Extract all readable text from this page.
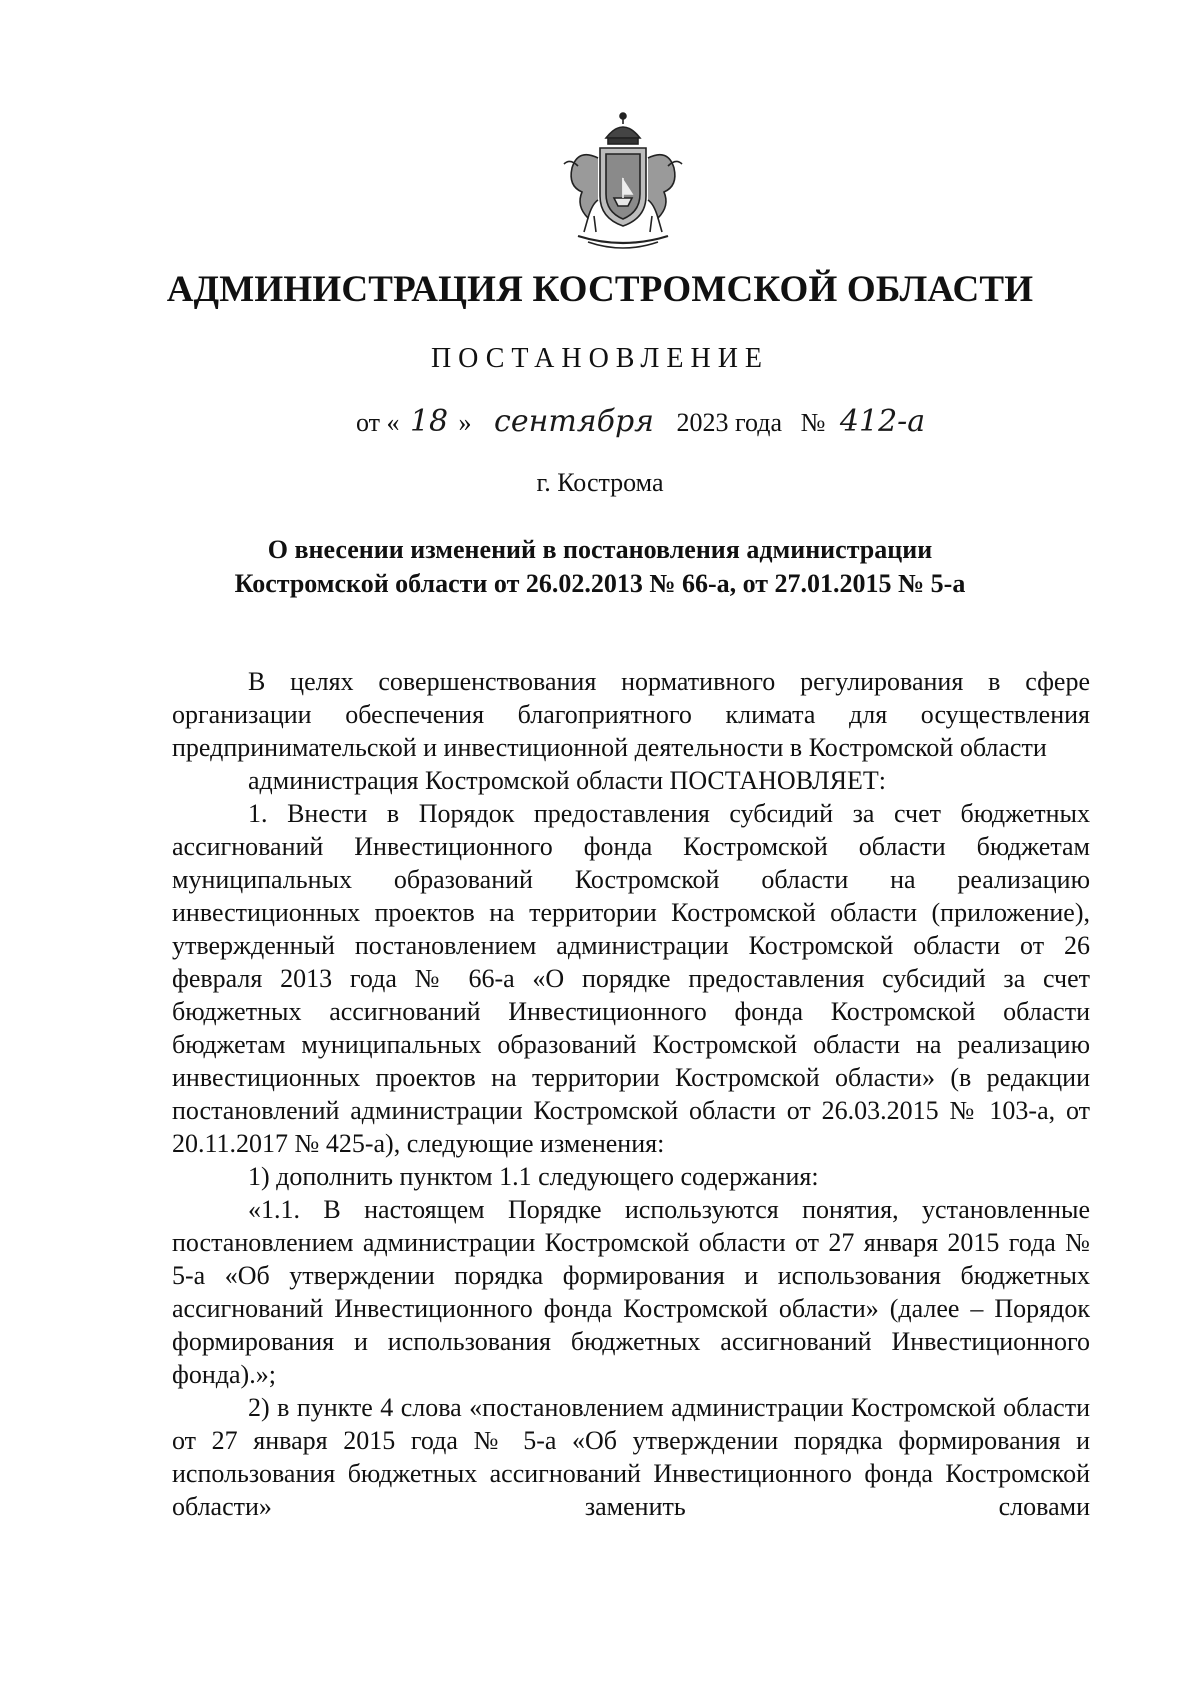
АДМИНИСТРАЦИЯ КОСТРОМСКОЙ ОБЛАСТИ
ПОСТАНОВЛЕНИЕ
от « 18 » сентября 2023 года № 412-а
г. Кострома
О внесении изменений в постановления администрации
Костромской области от 26.02.2013 № 66-а, от 27.01.2015 № 5-а

В целях совершенствования нормативного регулирования в сфере организации обеспечения благоприятного климата для осуществления предпринимательской и инвестиционной деятельности в Костромской области

администрация Костромской области ПОСТАНОВЛЯЕТ:

1. Внести в Порядок предоставления субсидий за счет бюджетных ассигнований Инвестиционного фонда Костромской области бюджетам муниципальных образований Костромской области на реализацию инвестиционных проектов на территории Костромской области (приложение), утвержденный постановлением администрации Костромской области от 26 февраля 2013 года № 66-а «О порядке предоставления субсидий за счет бюджетных ассигнований Инвестиционного фонда Костромской области бюджетам муниципальных образований Костромской области на реализацию инвестиционных проектов на территории Костромской области» (в редакции постановлений администрации Костромской области от 26.03.2015 № 103-а, от 20.11.2017 № 425-а), следующие изменения:

1) дополнить пунктом 1.1 следующего содержания:

«1.1. В настоящем Порядке используются понятия, установленные постановлением администрации Костромской области от 27 января 2015 года № 5-а «Об утверждении порядка формирования и использования бюджетных ассигнований Инвестиционного фонда Костромской области» (далее – Порядок формирования и использования бюджетных ассигнований Инвестиционного фонда).»;

2) в пункте 4 слова «постановлением администрации Костромской области от 27 января 2015 года № 5-а «Об утверждении порядка формирования и использования бюджетных ассигнований Инвестиционного фонда Костромской области» заменить словами
